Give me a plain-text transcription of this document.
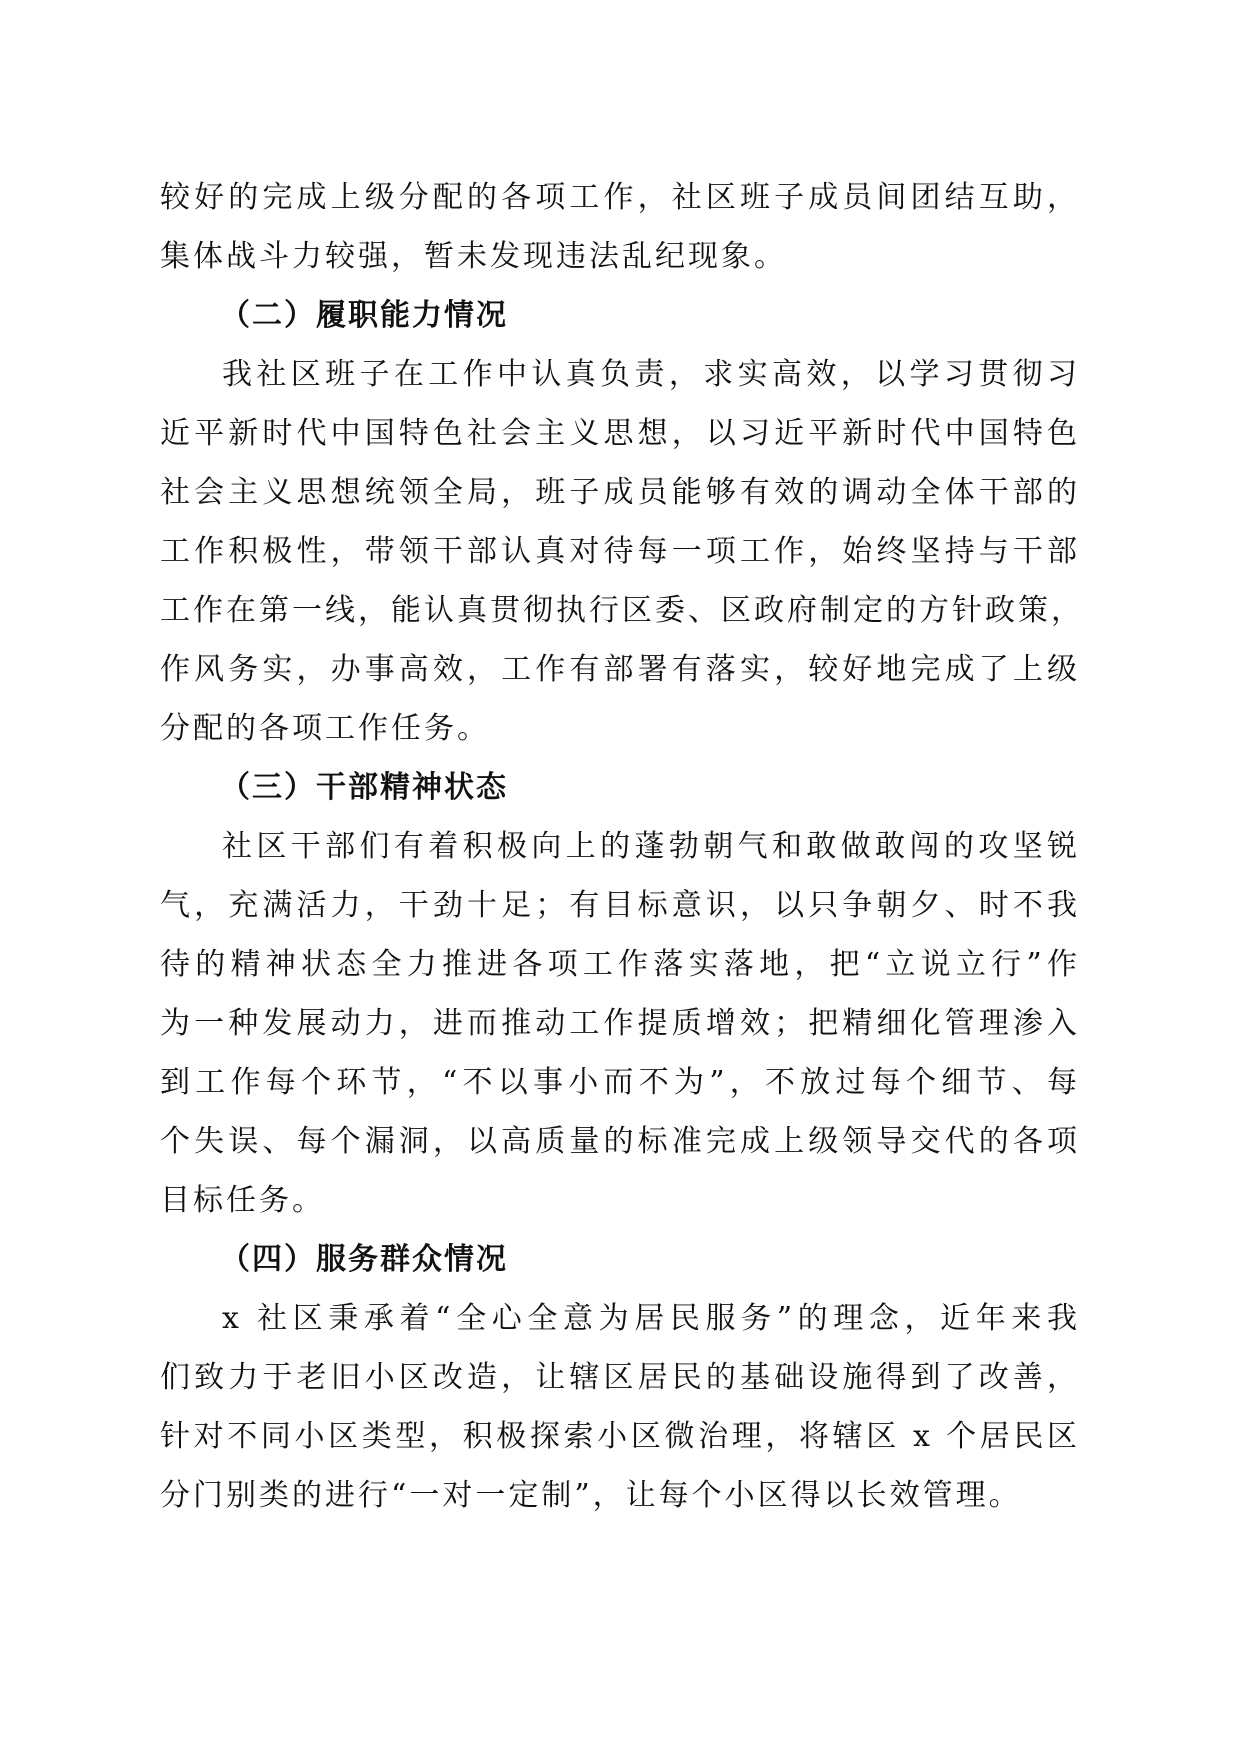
较好的完成上级分配的各项工作，社区班子成员间团结互助，
集体战斗力较强，暂未发现违法乱纪现象。
（二）履职能力情况
我社区班子在工作中认真负责，求实高效，以学习贯彻习
近平新时代中国特色社会主义思想，以习近平新时代中国特色
社会主义思想统领全局，班子成员能够有效的调动全体干部的
工作积极性，带领干部认真对待每一项工作，始终坚持与干部
工作在第一线，能认真贯彻执行区委、区政府制定的方针政策，
作风务实，办事高效，工作有部署有落实，较好地完成了上级
分配的各项工作任务。
（三）干部精神状态
社区干部们有着积极向上的蓬勃朝气和敢做敢闯的攻坚锐
气，充满活力，干劲十足；有目标意识，以只争朝夕、时不我
待的精神状态全力推进各项工作落实落地，把“立说立行”作
为一种发展动力，进而推动工作提质增效；把精细化管理渗入
到工作每个环节，“不以事小而不为”，不放过每个细节、每
个失误、每个漏洞，以高质量的标准完成上级领导交代的各项
目标任务。
（四）服务群众情况
x 社区秉承着“全心全意为居民服务”的理念，近年来我
们致力于老旧小区改造，让辖区居民的基础设施得到了改善，
针对不同小区类型，积极探索小区微治理，将辖区 x 个居民区
分门别类的进行“一对一定制”，让每个小区得以长效管理。
